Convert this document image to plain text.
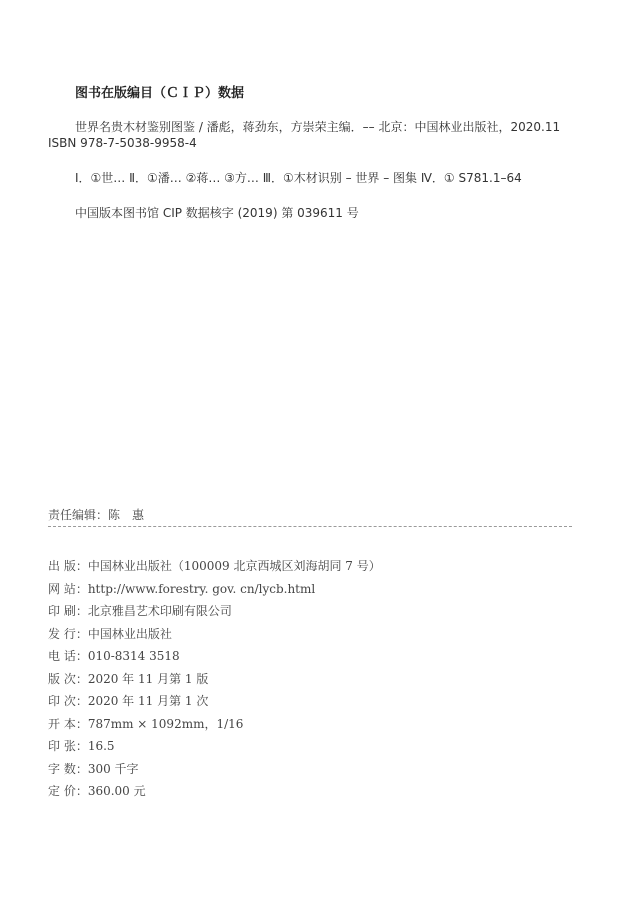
图书在版编目（ＣＩＰ）数据
世界名贵木材鉴别图鉴 / 潘彪，蒋劲东，方崇荣主编．–– 北京：中国林业出版社，2020.11
ISBN 978-7-5038-9958-4
Ⅰ．①世… Ⅱ．①潘… ②蒋… ③方… Ⅲ．①木材识别 – 世界 – 图集 Ⅳ．① S781.1–64
中国版本图书馆 CIP 数据核字 (2019) 第 039611 号
责任编辑：陈　惠
出 版：中国林业出版社（100009 北京西城区刘海胡同 7 号）
网 站：http://www.forestry. gov. cn/lycb.html
印 刷：北京雅昌艺术印刷有限公司
发 行：中国林业出版社
电 话：010-8314 3518
版 次：2020 年 11 月第 1 版
印 次：2020 年 11 月第 1 次
开 本：787mm × 1092mm，1/16
印 张：16.5
字 数：300 千字
定 价：360.00 元
